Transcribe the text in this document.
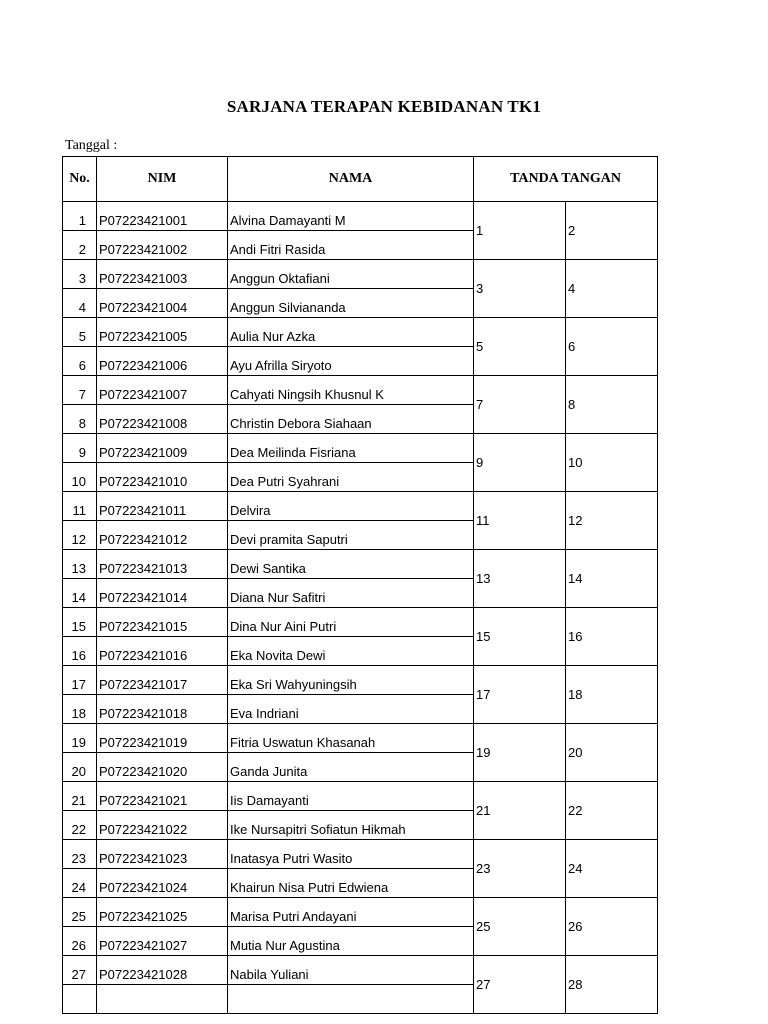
SARJANA TERAPAN KEBIDANAN TK1
Tanggal :
No.	NIM	NAMA	TANDA TANGAN	
1	P07223421001	Alvina Damayanti M	1	2
2	P07223421002	Andi Fitri Rasida		
3	P07223421003	Anggun Oktafiani	3	4
4	P07223421004	Anggun Silviananda		
5	P07223421005	Aulia Nur Azka	5	6
6	P07223421006	Ayu Afrilla Siryoto		
7	P07223421007	Cahyati Ningsih Khusnul K	7	8
8	P07223421008	Christin Debora Siahaan		
9	P07223421009	Dea Meilinda Fisriana	9	10
10	P07223421010	Dea Putri Syahrani		
11	P07223421011	Delvira	11	12
12	P07223421012	Devi pramita Saputri		
13	P07223421013	Dewi Santika	13	14
14	P07223421014	Diana Nur Safitri		
15	P07223421015	Dina Nur Aini Putri	15	16
16	P07223421016	Eka Novita Dewi		
17	P07223421017	Eka Sri Wahyuningsih	17	18
18	P07223421018	Eva Indriani		
19	P07223421019	Fitria Uswatun Khasanah	19	20
20	P07223421020	Ganda Junita		
21	P07223421021	Iis Damayanti	21	22
22	P07223421022	Ike Nursapitri Sofiatun Hikmah		
23	P07223421023	Inatasya Putri Wasito	23	24
24	P07223421024	Khairun Nisa Putri Edwiena		
25	P07223421025	Marisa Putri Andayani	25	26
26	P07223421027	Mutia Nur Agustina		
27	P07223421028	Nabila Yuliani	27	28
